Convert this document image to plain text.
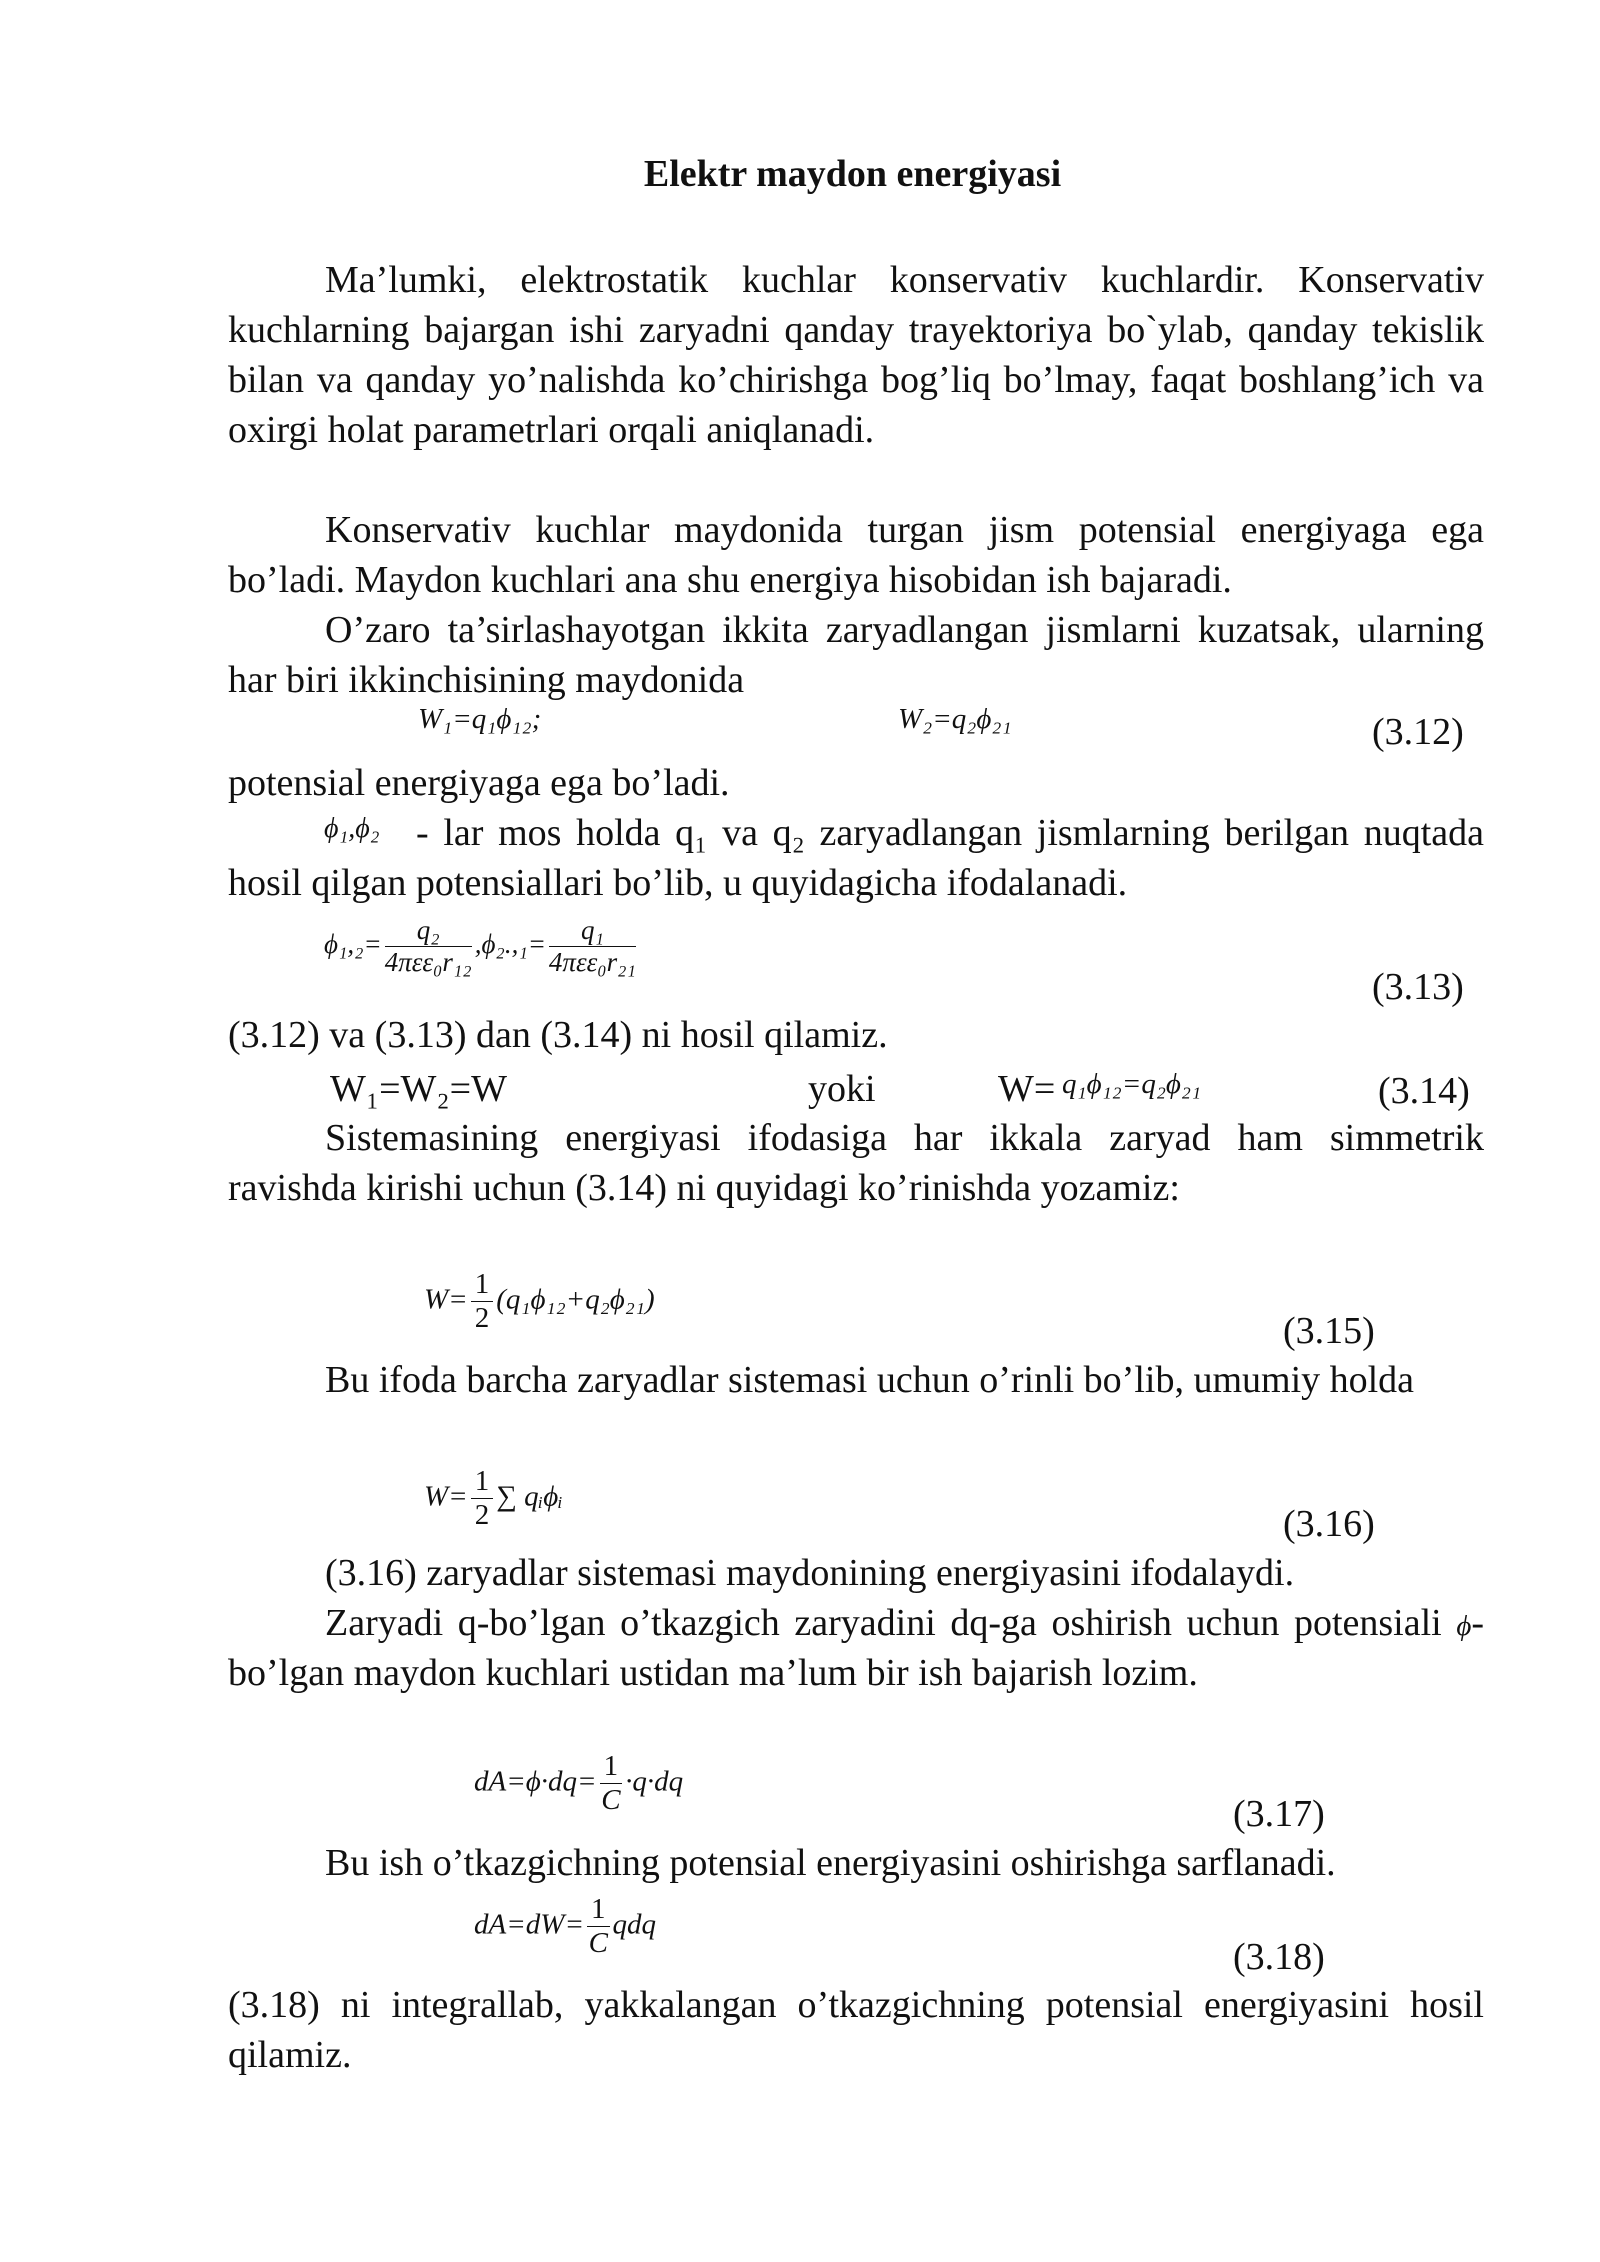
Elektr maydon energiyasi
Ma’lumki, elektrostatik kuchlar konservativ kuchlardir. Konservativ kuchlarning bajargan ishi zaryadni qanday trayektoriya bo`ylab, qanday tekislik bilan va qanday yo’nalishda ko’chirishga bog’liq bo’lmay, faqat boshlang’ich va oxirgi holat parametrlari orqali aniqlanadi.
Konservativ kuchlar maydonida turgan jism potensial energiyaga ega bo’ladi. Maydon kuchlari ana shu energiya hisobidan ish bajaradi.
O’zaro ta’sirlashayotgan ikkita zaryadlangan jismlarni kuzatsak, ularning har biri ikkinchisining maydonida
W₁=q₁ϕ₁₂;	W₂=q₂ϕ₂₁	(3.12)
potensial energiyaga ega bo’ladi.
ϕ₁,ϕ₂ - lar mos holda q₁ va q₂ zaryadlangan jismlarning berilgan nuqtada hosil qilgan potensiallari bo’lib, u quyidagicha ifodalanadi.
$\phi_1,_2= \frac{\text{q₂}}{\text{4πεε₀r₁₂}} ,\phi_2.,_1= \frac{\text{q₁}}{\text{4πεε₀r₂₁}}$
(3.13)
(3.12) va (3.13) dan (3.14) ni hosil qilamiz.
W₁=W₂=W	yoki	W= q₁ϕ₁₂=q₂ϕ₂₁	(3.14)
Sistemasining energiyasi ifodasiga har ikkala zaryad ham simmetrik ravishda kirishi uchun (3.14) ni quyidagi ko’rinishda yozamiz:
$W= \frac{1}{2} (q_1\phi_{12}+q_2\phi_{21})$
(3.15)
Bu ifoda barcha zaryadlar sistemasi uchun o’rinli bo’lib, umumiy holda
$W= \frac{1}{2}$ ∑ qᵢϕᵢ
(3.16)
(3.16) zaryadlar sistemasi maydonining energiyasini ifodalaydi.
Zaryadi q-bo’lgan o’tkazgich zaryadini dq-ga oshirish uchun potensiali ϕ-bo’lgan maydon kuchlari ustidan ma’lum bir ish bajarish lozim.
$dA=\phi\cdot dq= \frac{1}{C} \cdot q\cdot dq$
(3.17)
Bu ish o’tkazgichning potensial energiyasini oshirishga sarflanadi.
$dA=dW= \frac{1}{C}$ qdq
(3.18)
(3.18) ni integrallab, yakkalangan o’tkazgichning potensial energiyasini hosil qilamiz.
